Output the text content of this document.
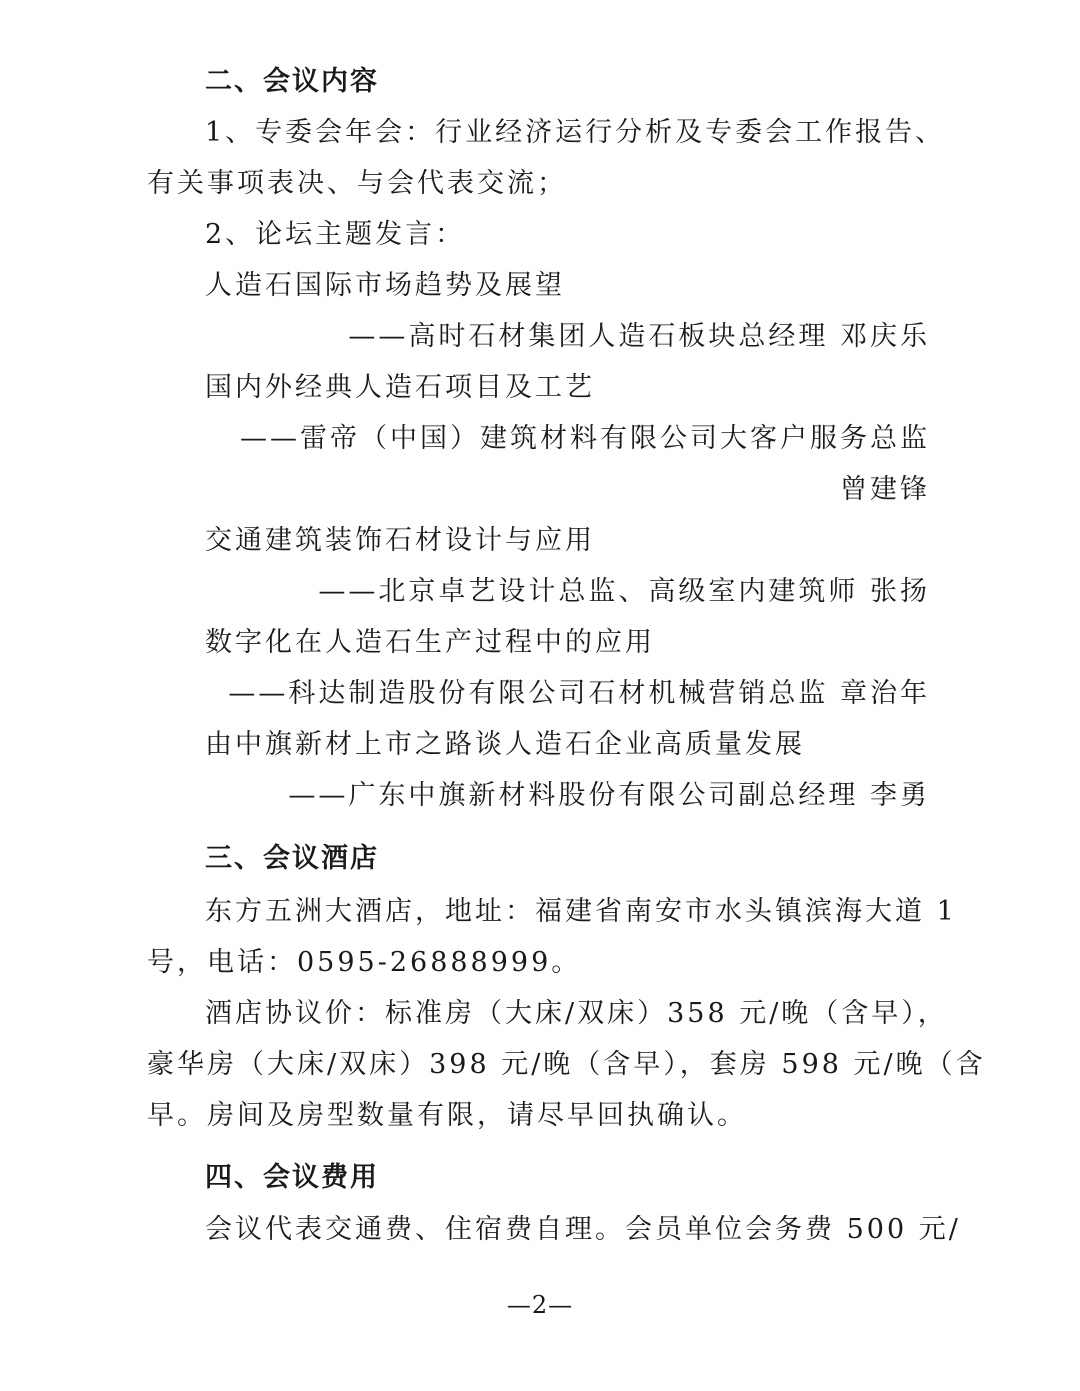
二、会议内容
1、专委会年会：行业经济运行分析及专委会工作报告、
有关事项表决、与会代表交流；
2、论坛主题发言：
人造石国际市场趋势及展望
——高时石材集团人造石板块总经理 邓庆乐
国内外经典人造石项目及工艺
——雷帝（中国）建筑材料有限公司大客户服务总监
曾建锋
交通建筑装饰石材设计与应用
——北京卓艺设计总监、高级室内建筑师 张扬
数字化在人造石生产过程中的应用
——科达制造股份有限公司石材机械营销总监 章治年
由中旗新材上市之路谈人造石企业高质量发展
——广东中旗新材料股份有限公司副总经理 李勇
三、会议酒店
东方五洲大酒店，地址：福建省南安市水头镇滨海大道 1
号，电话：0595-26888999。
酒店协议价：标准房（大床/双床）358 元/晚（含早），
豪华房（大床/双床）398 元/晚（含早），套房 598 元/晚（含
早。房间及房型数量有限，请尽早回执确认。
四、会议费用
会议代表交通费、住宿费自理。会员单位会务费 500 元/
—2—
